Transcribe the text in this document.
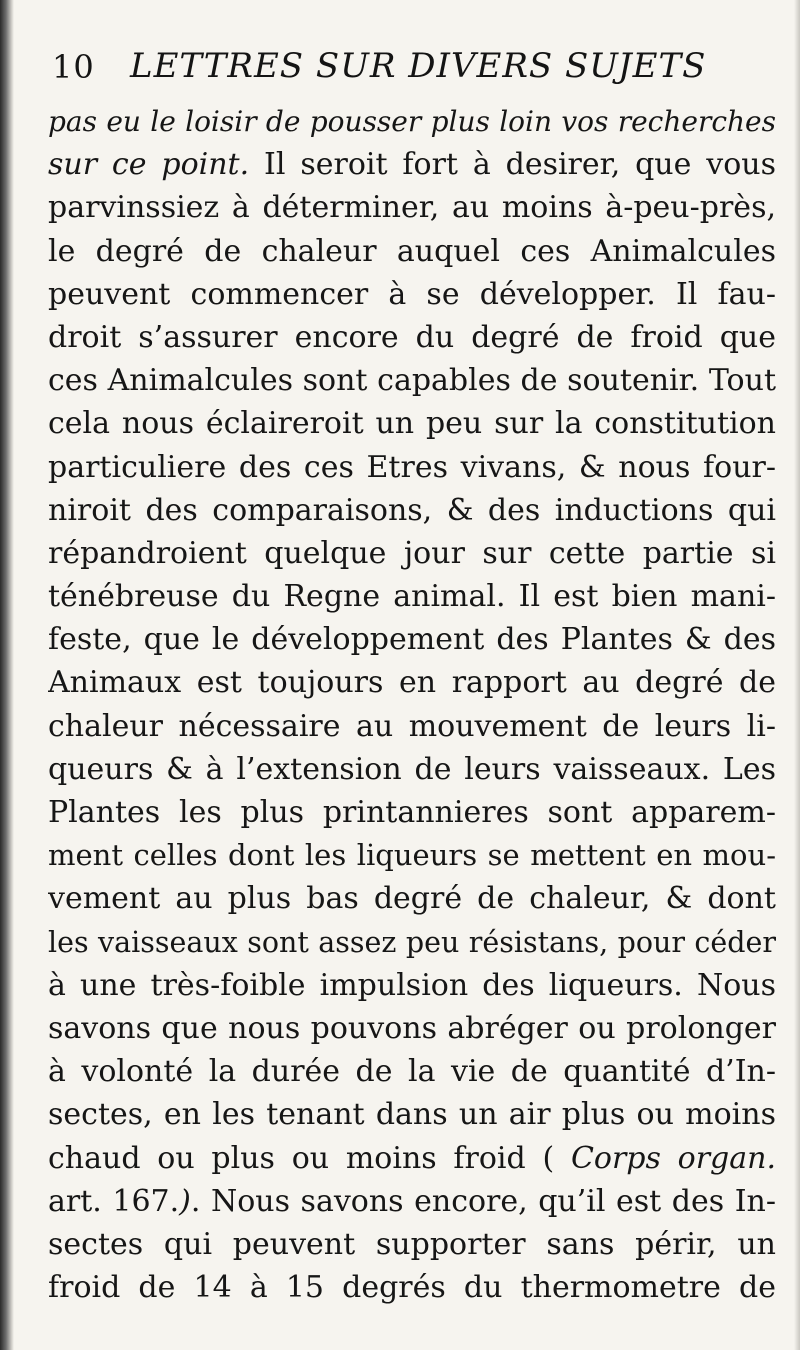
10 LETTRES SUR DIVERS SUJETS
pas eu le loisir de pousser plus loin vos recherches
sur ce point. Il seroit fort à desirer, que vous
parvinssiez à déterminer, au moins à-peu-près,
le degré de chaleur auquel ces Animalcules
peuvent commencer à se développer. Il fau-
droit s’assurer encore du degré de froid que
ces Animalcules sont capables de soutenir. Tout
cela nous éclaireroit un peu sur la constitution
particuliere des ces Etres vivans, & nous four-
niroit des comparaisons, & des inductions qui
répandroient quelque jour sur cette partie si
ténébreuse du Regne animal. Il est bien mani-
feste, que le développement des Plantes & des
Animaux est toujours en rapport au degré de
chaleur nécessaire au mouvement de leurs li-
queurs & à l’extension de leurs vaisseaux. Les
Plantes les plus printannieres sont apparem-
ment celles dont les liqueurs se mettent en mou-
vement au plus bas degré de chaleur, & dont
les vaisseaux sont assez peu résistans, pour céder
à une très-foible impulsion des liqueurs. Nous
savons que nous pouvons abréger ou prolonger
à volonté la durée de la vie de quantité d’In-
sectes, en les tenant dans un air plus ou moins
chaud ou plus ou moins froid ( Corps organ.
art. 167.). Nous savons encore, qu’il est des In-
sectes qui peuvent supporter sans périr, un
froid de 14 à 15 degrés du thermometre de
